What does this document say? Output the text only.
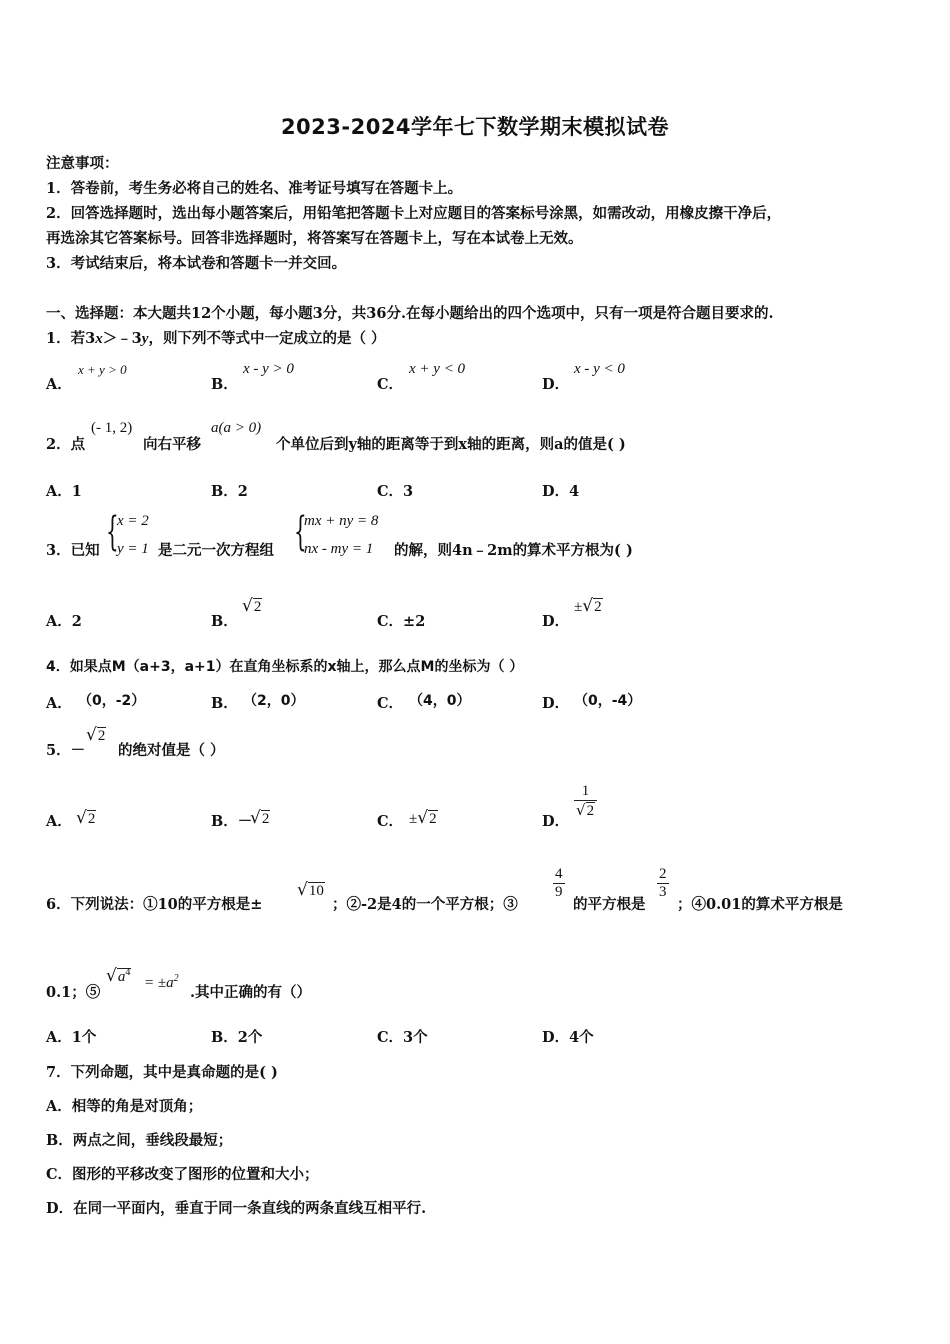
2023-2024学年七下数学期末模拟试卷
注意事项：
1．答卷前，考生务必将自己的姓名、准考证号填写在答题卡上。
2．回答选择题时，选出每小题答案后，用铅笔把答题卡上对应题目的答案标号涂黑，如需改动，用橡皮擦干净后，
再选涂其它答案标号。回答非选择题时，将答案写在答题卡上，写在本试卷上无效。
3．考试结束后，将本试卷和答题卡一并交回。
一、选择题：本大题共12个小题，每小题3分，共36分.在每小题给出的四个选项中，只有一项是符合题目要求的.
1．若3x＞﹣3y，则下列不等式中一定成立的是（ ）
A．
x + y > 0
B．
x - y > 0
C．
x + y < 0
D．
x - y < 0
2．点
(- 1, 2)
向右平移
a(a > 0)
个单位后到y轴的距离等于到x轴的距离，则a的值是( )
A．1	B．2	C．3	D．4
3．已知 {
x = 2
y = 1 是二元一次方程组 {
mx + ny = 8
nx - my = 1 的解，则4n﹣2m的算术平方根为( )
A．2	B．
√2
C．±2	D．
±√2
4．如果点M（a+3，a+1）在直角坐标系的x轴上，那么点M的坐标为（ ）
A． （0，-2）	B． （2，0）	C． （4，0）	D． （0，-4）
5．－
√2
的绝对值是（ ）
A． √2	B．－
√2	C． ±√2	D．
$\frac{1}{√2}$
6．下列说法：①10的平方根是±
√10
；②-2是4的一个平方根；③
$\frac{4}{9}$
的平方根是
$\frac{2}{3}$
；④0.01的算术平方根是
0.1；⑤
$√a^4$
= $\pm a^2$
.其中正确的有（）
A．1个	B．2个	C．3个	D．4个
7．下列命题，其中是真命题的是( )
A．相等的角是对顶角；
B．两点之间，垂线段最短；
C．图形的平移改变了图形的位置和大小；
D．在同一平面内，垂直于同一条直线的两条直线互相平行.
